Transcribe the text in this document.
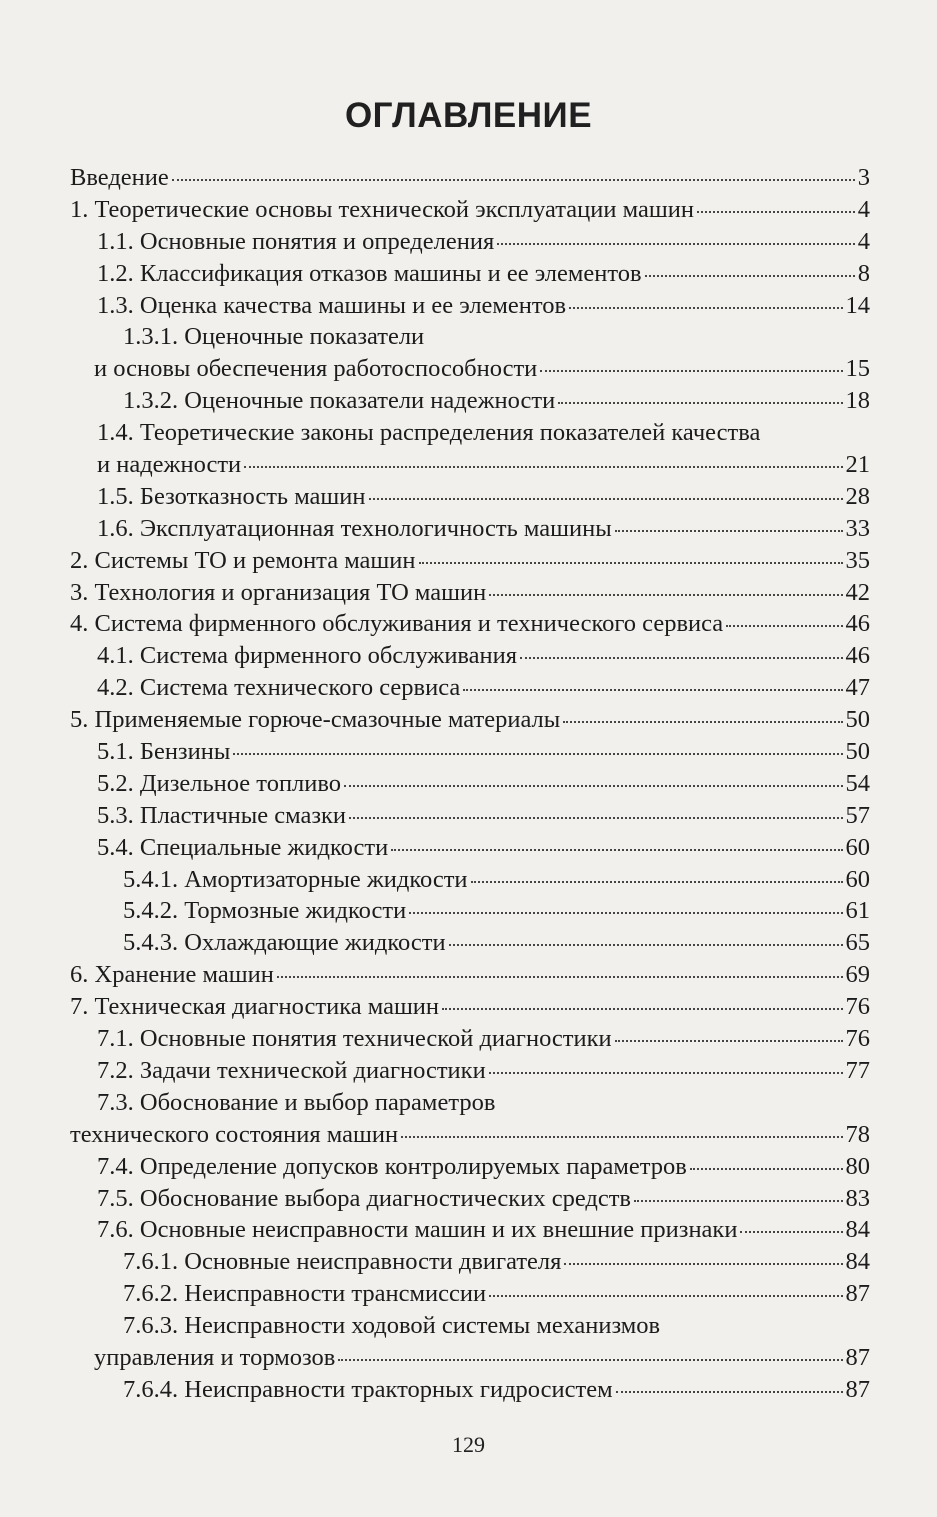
ОГЛАВЛЕНИЕ
Введение	3
1. Теоретические основы технической эксплуатации машин	4
1.1. Основные понятия и определения	4
1.2. Классификация отказов машины и ее элементов	8
1.3. Оценка качества машины и ее элементов	14
1.3.1. Оценочные показатели
и основы обеспечения работоспособности	15
1.3.2. Оценочные показатели надежности	18
1.4. Теоретические законы распределения показателей качества
и надежности	21
1.5. Безотказность машин	28
1.6. Эксплуатационная технологичность машины	33
2. Системы ТО и ремонта машин	35
3. Технология и организация ТО машин	42
4. Система фирменного обслуживания и технического сервиса	46
4.1. Система фирменного обслуживания	46
4.2. Система технического сервиса	47
5. Применяемые горюче-смазочные материалы	50
5.1. Бензины	50
5.2. Дизельное топливо	54
5.3. Пластичные смазки	57
5.4. Специальные жидкости	60
5.4.1. Амортизаторные жидкости	60
5.4.2. Тормозные жидкости	61
5.4.3. Охлаждающие жидкости	65
6. Хранение машин	69
7. Техническая диагностика машин	76
7.1. Основные понятия технической диагностики	76
7.2. Задачи технической диагностики	77
7.3. Обоснование и выбор параметров
технического состояния машин	78
7.4. Определение допусков контролируемых параметров	80
7.5. Обоснование выбора диагностических средств	83
7.6. Основные неисправности машин и их внешние признаки	84
7.6.1. Основные неисправности двигателя	84
7.6.2. Неисправности трансмиссии	87
7.6.3. Неисправности ходовой системы механизмов
управления и тормозов	87
7.6.4. Неисправности тракторных гидросистем	87
129
